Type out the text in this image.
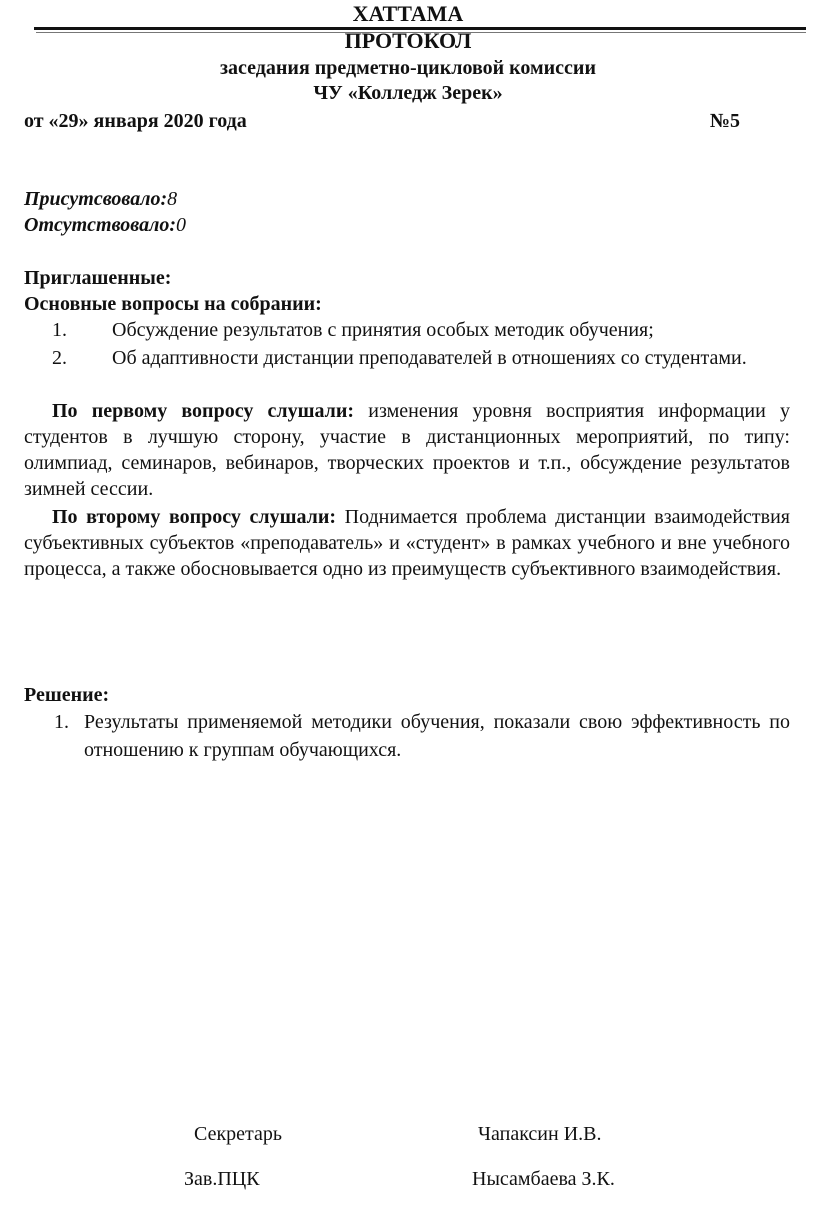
ХАТТАМА
ПРОТОКОЛ
заседания предметно-цикловой комиссии
ЧУ «Колледж Зерек»
от «29» января 2020 года	№5
Присутсвовало:8
Отсутствовало:0
Приглашенные:
Основные вопросы на собрании:
1. Обсуждение результатов с принятия особых методик обучения;
2. Об адаптивности дистанции преподавателей в отношениях со студентами.
По первому вопросу слушали: изменения уровня восприятия информации у студентов в лучшую сторону, участие в дистанционных мероприятий, по типу: олимпиад, семинаров, вебинаров, творческих проектов и т.п., обсуждение результатов зимней сессии.
По второму вопросу слушали: Поднимается проблема дистанции взаимодействия субъективных субъектов «преподаватель» и «студент» в рамках учебного и вне учебного процесса, а также обосновывается одно из преимуществ субъективного взаимодействия.
Решение:
1. Результаты применяемой методики обучения, показали свою эффективность по отношению к группам обучающихся.
Секретарь	Чапаксин И.В.
Зав.ПЦК	Нысамбаева З.К.
